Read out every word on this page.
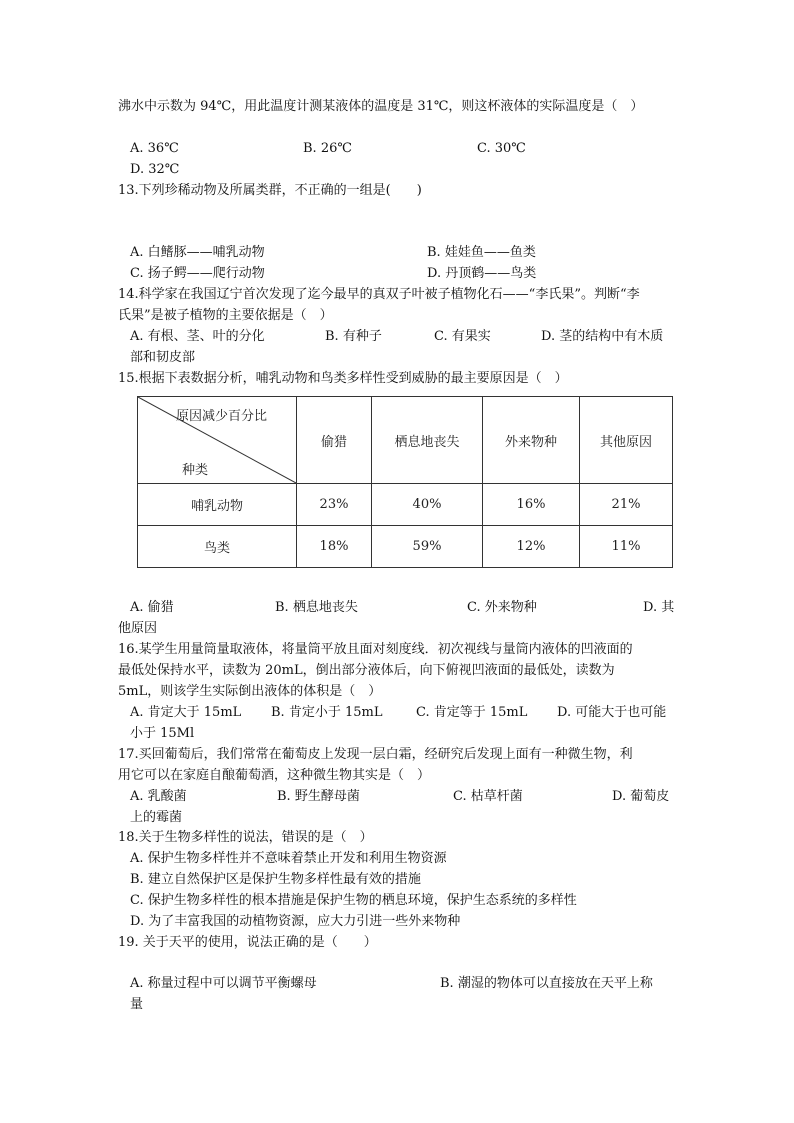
沸水中示数为 94℃，用此温度计测某液体的温度是 31℃，则这杯液体的实际温度是（　）
A. 36℃	B. 26℃	C. 30℃
D. 32℃
13.下列珍稀动物及所属类群，不正确的一组是(　　)
A. 白鳍豚——哺乳动物	B. 娃娃鱼——鱼类
C. 扬子鳄——爬行动物	D. 丹顶鹤——鸟类
14.科学家在我国辽宁首次发现了迄今最早的真双子叶被子植物化石——“李氏果”。判断“李
氏果”是被子植物的主要依据是（　）
A. 有根、茎、叶的分化	B. 有种子	C. 有果实	D. 茎的结构中有木质
部和韧皮部
15.根据下表数据分析，哺乳动物和鸟类多样性受到威胁的最主要原因是（　）
原因减少百分比
种类	偷猎	栖息地丧失	外来物种	其他原因
哺乳动物	23%	40%	16%	21%
鸟类	18%	59%	12%	11%
A. 偷猎	B. 栖息地丧失	C. 外来物种	D. 其
他原因
16.某学生用量筒量取液体，将量筒平放且面对刻度线．初次视线与量筒内液体的凹液面的
最低处保持水平，读数为 20mL，倒出部分液体后，向下俯视凹液面的最低处，读数为
5mL，则该学生实际倒出液体的体积是（　）
A. 肯定大于 15mL B. 肯定小于 15mL	C. 肯定等于 15mL D. 可能大于也可能
小于 15Ml
17.买回葡萄后，我们常常在葡萄皮上发现一层白霜，经研究后发现上面有一种微生物，利
用它可以在家庭自酿葡萄酒，这种微生物其实是（　）
A. 乳酸菌	B. 野生酵母菌	C. 枯草杆菌	D. 葡萄皮
上的霉菌
18.关于生物多样性的说法，错误的是（　）
A. 保护生物多样性并不意味着禁止开发和利用生物资源
B. 建立自然保护区是保护生物多样性最有效的措施
C. 保护生物多样性的根本措施是保护生物的栖息环境，保护生态系统的多样性
D. 为了丰富我国的动植物资源，应大力引进一些外来物种
19. 关于天平的使用，说法正确的是（　　）
A. 称量过程中可以调节平衡螺母	B. 潮湿的物体可以直接放在天平上称
量
